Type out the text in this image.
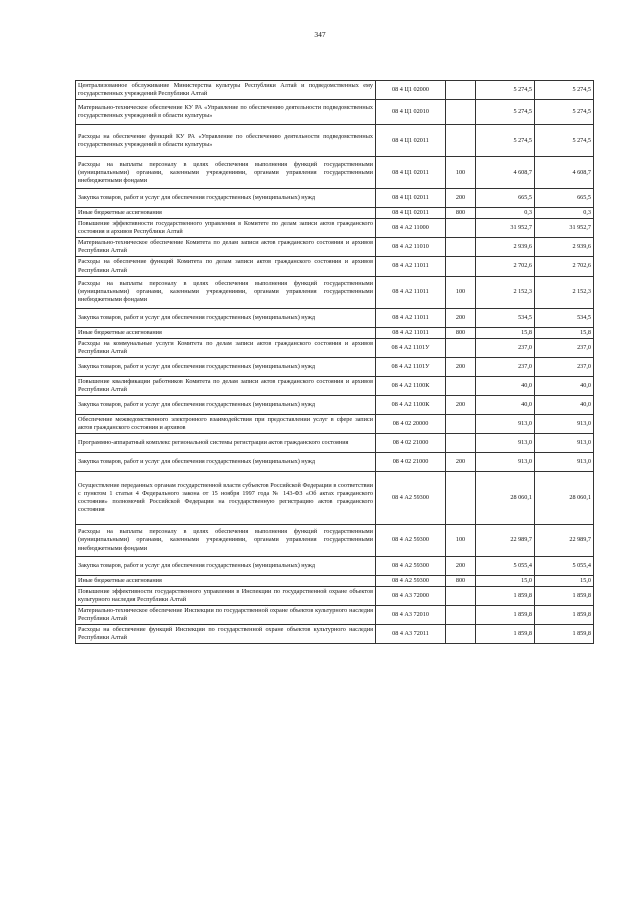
347
Централизованное обслуживание Министерства культуры Республики Алтай и подведомственных ему государственных учреждений Республики Алтай	08 4 Ц1 02000		5 274,5	5 274,5
Материально-техническое обеспечение КУ РА «Управление по обеспечению деятельности подведомственных государственных учреждений в области культуры»	08 4 Ц1 02010		5 274,5	5 274,5
Расходы на обеспечение функций КУ РА «Управление по обеспечению деятельности подведомственных государственных учреждений в области культуры»	08 4 Ц1 02011		5 274,5	5 274,5
Расходы на выплаты персоналу в целях обеспечения выполнения функций государственными (муниципальными) органами, казенными учреждениями, органами управления государственными внебюджетными фондами	08 4 Ц1 02011	100	4 608,7	4 608,7
Закупка товаров, работ и услуг для обеспечения государственных (муниципальных) нужд	08 4 Ц1 02011	200	665,5	665,5
Иные бюджетные ассигнования	08 4 Ц1 02011	800	0,3	0,3
Повышение эффективности государственного управления в Комитете по делам записи актов гражданского состояния и архивов Республики Алтай	08 4 А2 11000		31 952,7	31 952,7
Материально-техническое обеспечение Комитета по делам записи актов гражданского состояния и архивов Республики Алтай	08 4 А2 11010		2 939,6	2 939,6
Расходы на обеспечение функций Комитета по делам записи актов гражданского состояния и архивов Республики Алтай	08 4 А2 11011		2 702,6	2 702,6
Расходы на выплаты персоналу в целях обеспечения выполнения функций государственными (муниципальными) органами, казенными учреждениями, органами управления государственными внебюджетными фондами	08 4 А2 11011	100	2 152,3	2 152,3
Закупка товаров, работ и услуг для обеспечения государственных (муниципальных) нужд	08 4 А2 11011	200	534,5	534,5
Иные бюджетные ассигнования	08 4 А2 11011	800	15,8	15,8
Расходы на коммунальные услуги Комитета по делам записи актов гражданского состояния и архивов Республики Алтай	08 4 А2 1101У		237,0	237,0
Закупка товаров, работ и услуг для обеспечения государственных (муниципальных) нужд	08 4 А2 1101У	200	237,0	237,0
Повышение квалификации работников Комитета по делам записи актов гражданского состояния и архивов Республики Алтай	08 4 А2 1100К		40,0	40,0
Закупка товаров, работ и услуг для обеспечения государственных (муниципальных) нужд	08 4 А2 1100К	200	40,0	40,0
Обеспечение межведомственного электронного взаимодействия при предоставлении услуг в сфере записи актов гражданского состояния и архивов	08 4 02 20000		913,0	913,0
Программно-аппаратный комплекс региональной системы регистрации актов гражданского состояния	08 4 02 21000		913,0	913,0
Закупка товаров, работ и услуг для обеспечения государственных (муниципальных) нужд	08 4 02 21000	200	913,0	913,0
Осуществление переданных органам государственной власти субъектов Российской Федерации в соответствии с пунктом 1 статьи 4 Федерального закона от 15 ноября 1997 года № 143-ФЗ «Об актах гражданского состояния» полномочий Российской Федерации на государственную регистрацию актов гражданского состояния	08 4 А2 59300		28 060,1	28 060,1
Расходы на выплаты персоналу в целях обеспечения выполнения функций государственными (муниципальными) органами, казенными учреждениями, органами управления государственными внебюджетными фондами	08 4 А2 59300	100	22 989,7	22 989,7
Закупка товаров, работ и услуг для обеспечения государственных (муниципальных) нужд	08 4 А2 59300	200	5 055,4	5 055,4
Иные бюджетные ассигнования	08 4 А2 59300	800	15,0	15,0
Повышение эффективности государственного управления в Инспекции по государственной охране объектов культурного наследия Республики Алтай	08 4 А3 72000		1 859,8	1 859,8
Материально-техническое обеспечение Инспекции по государственной охране объектов культурного наследия Республики Алтай	08 4 А3 72010		1 859,8	1 859,8
Расходы на обеспечение функций Инспекции по государственной охране объектов культурного наследия Республики Алтай	08 4 А3 72011		1 859,8	1 859,8
